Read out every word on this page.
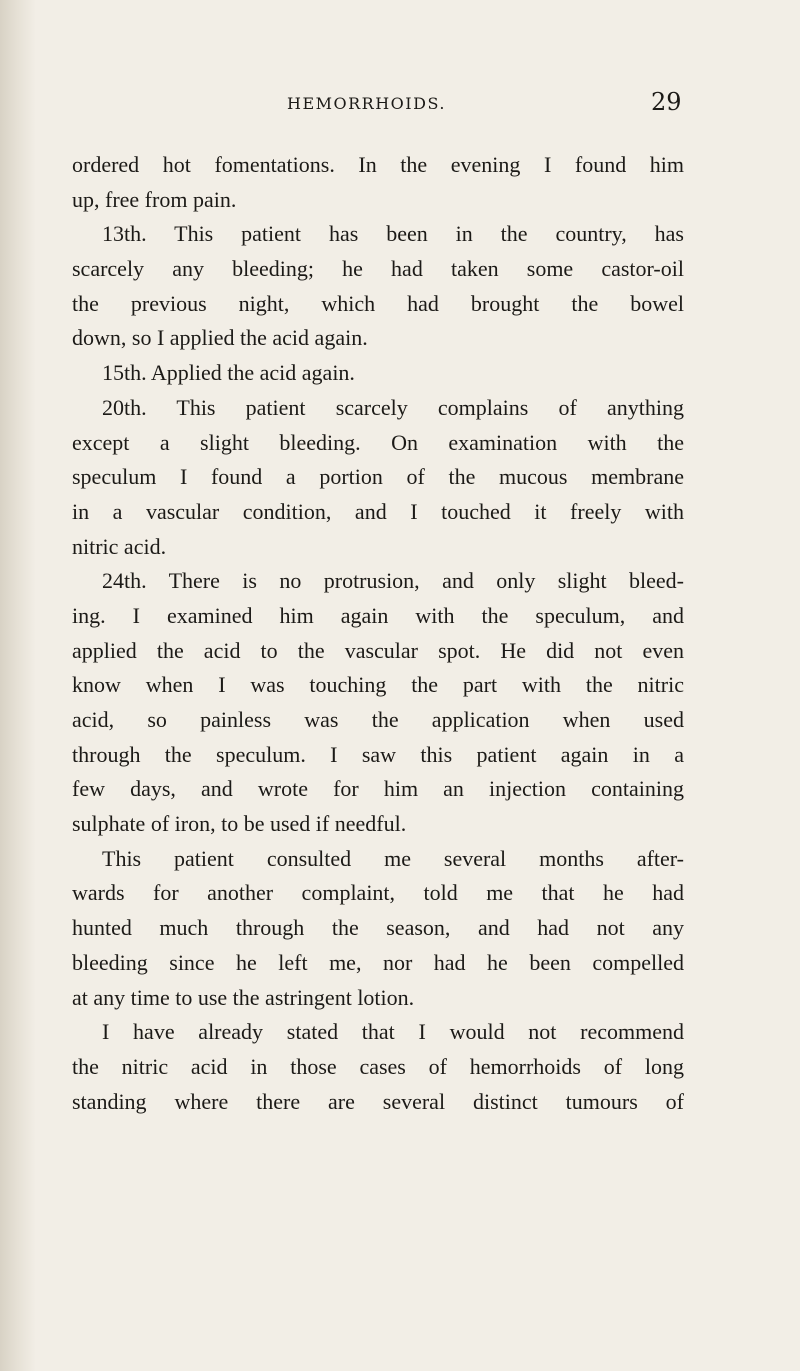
HEMORRHOIDS.	29
ordered hot fomentations. In the evening I found him
up, free from pain.
13th. This patient has been in the country, has
scarcely any bleeding; he had taken some castor-oil
the previous night, which had brought the bowel
down, so I applied the acid again.
15th. Applied the acid again.
20th. This patient scarcely complains of anything
except a slight bleeding. On examination with the
speculum I found a portion of the mucous membrane
in a vascular condition, and I touched it freely with
nitric acid.
24th. There is no protrusion, and only slight bleed-
ing. I examined him again with the speculum, and
applied the acid to the vascular spot. He did not even
know when I was touching the part with the nitric
acid, so painless was the application when used
through the speculum. I saw this patient again in a
few days, and wrote for him an injection containing
sulphate of iron, to be used if needful.
This patient consulted me several months after-
wards for another complaint, told me that he had
hunted much through the season, and had not any
bleeding since he left me, nor had he been compelled
at any time to use the astringent lotion.
I have already stated that I would not recommend
the nitric acid in those cases of hemorrhoids of long
standing where there are several distinct tumours of
